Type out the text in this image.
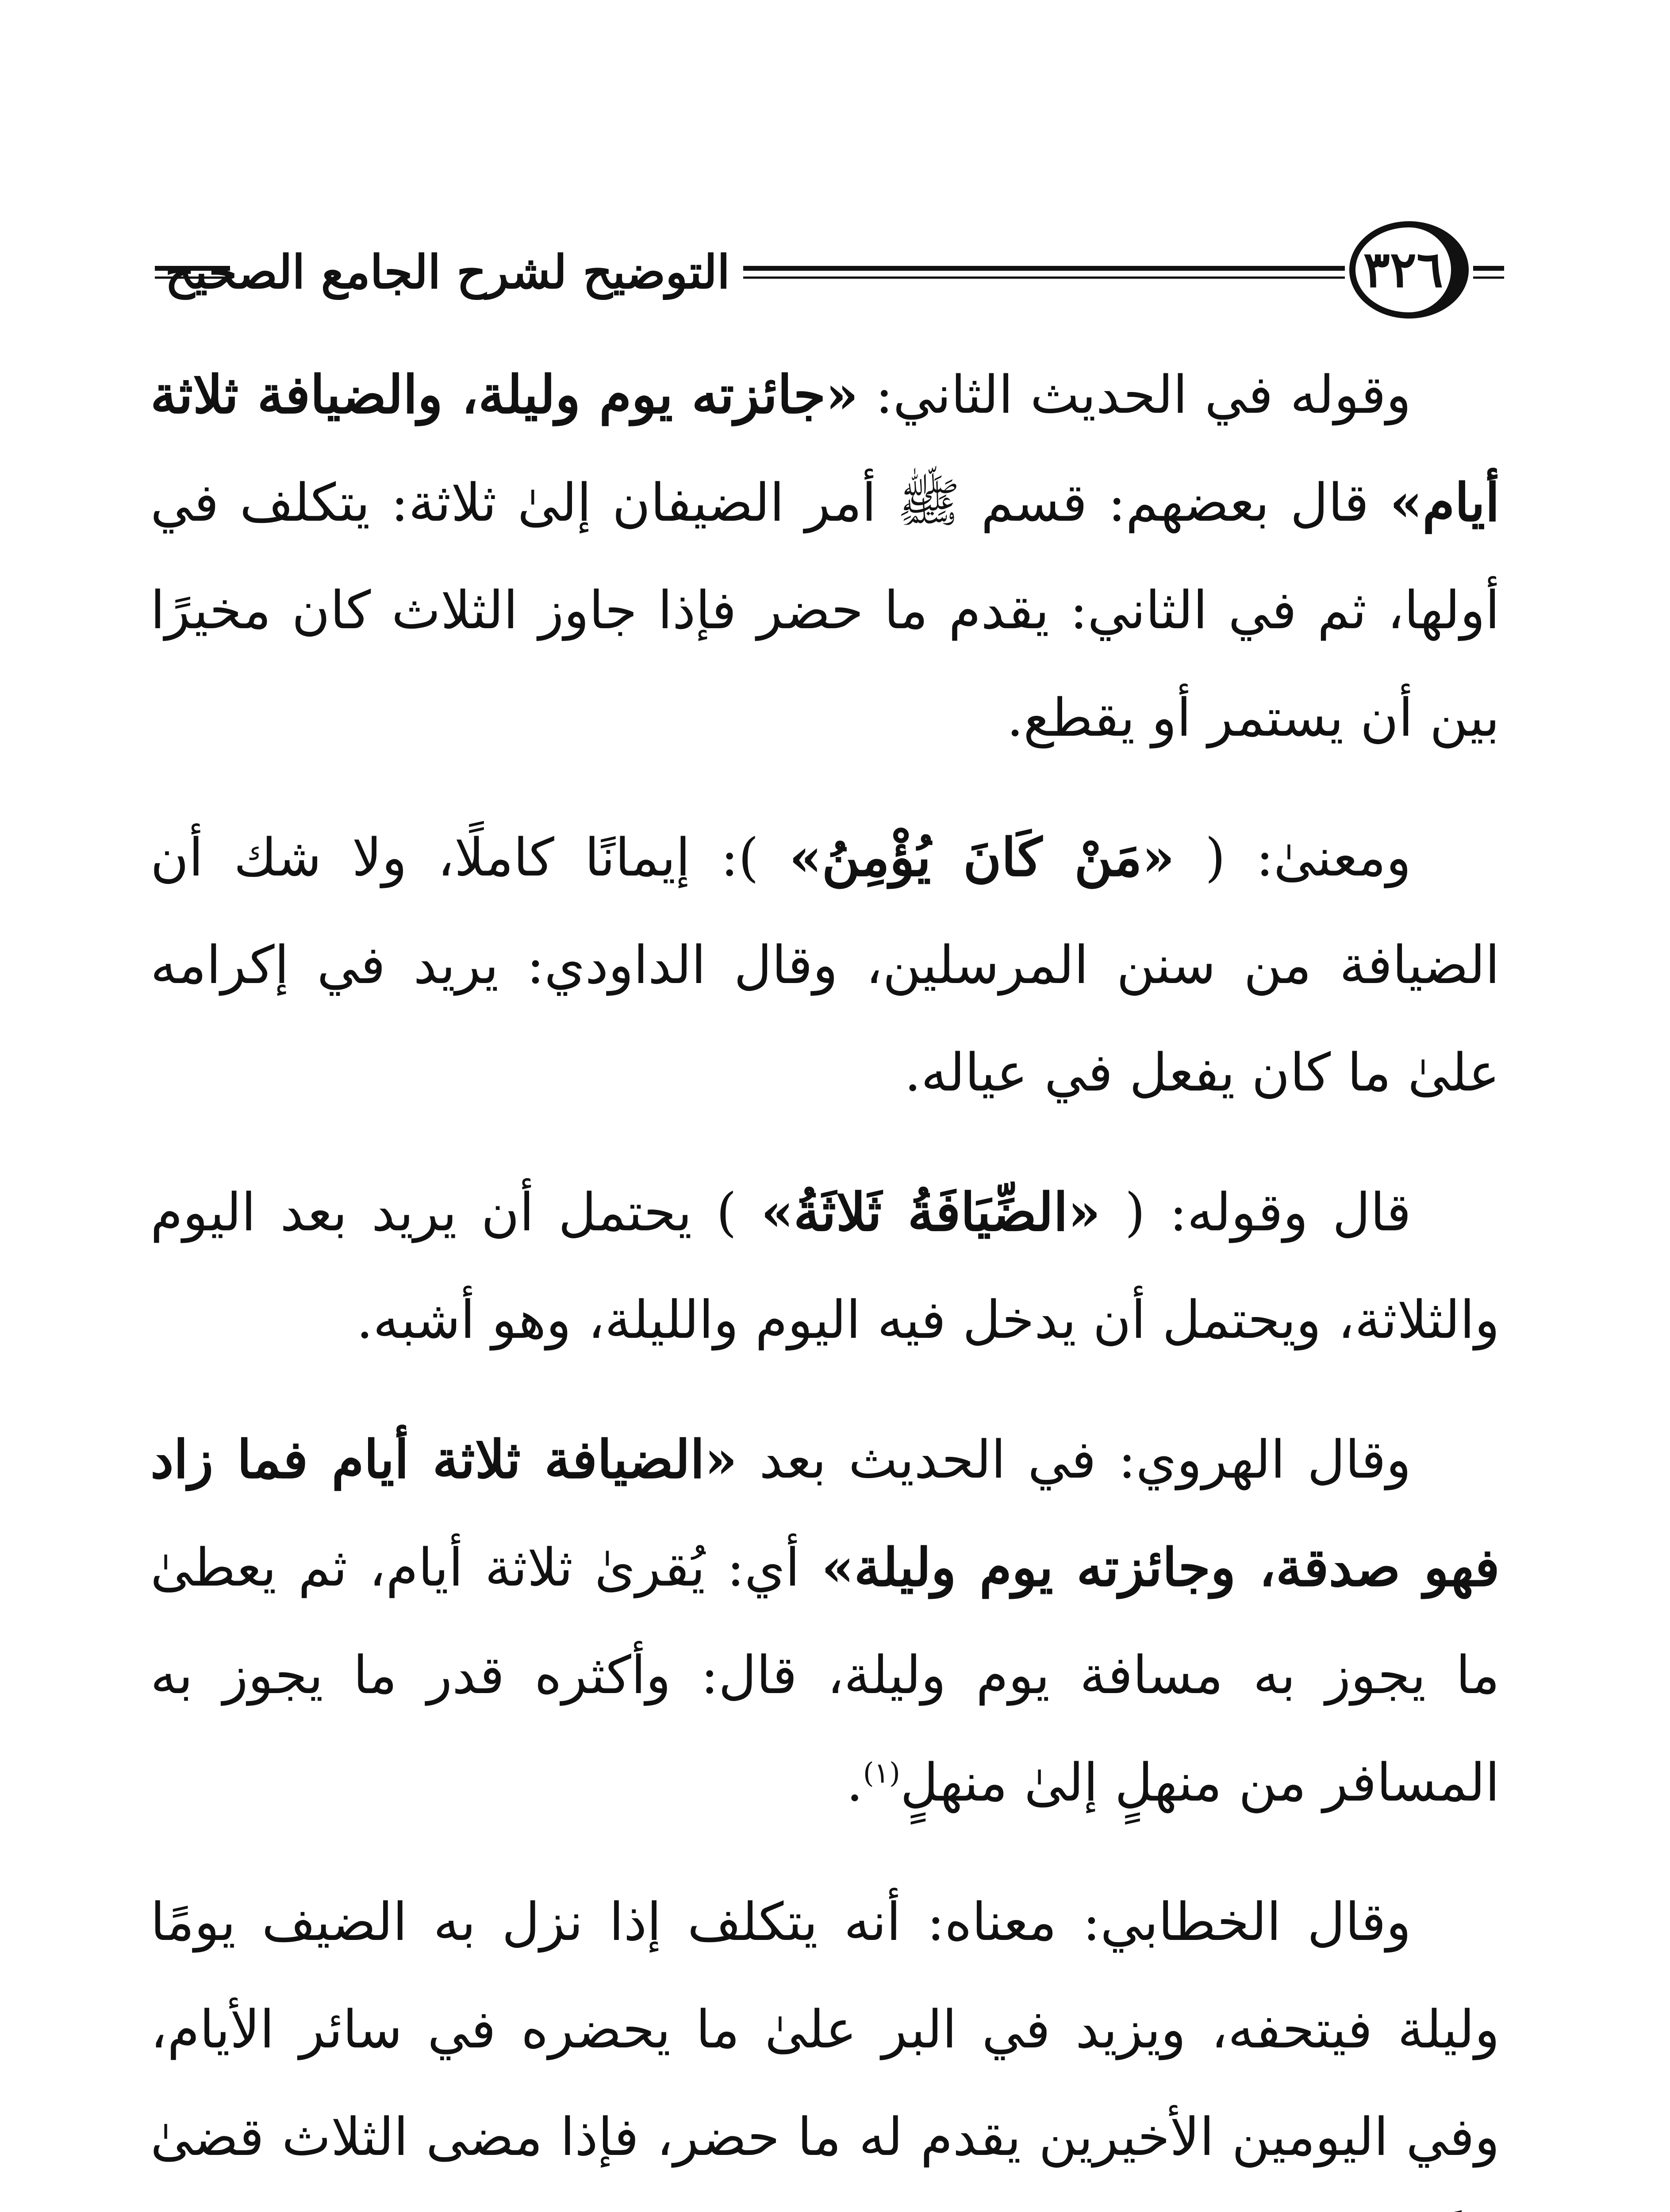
التوضيح لشرح الجامع الصحيح	٣٢٦

وقوله في الحديث الثاني: «جائزته يوم وليلة، والضيافة ثلاثة أيام» قال بعضهم: قسم ﷺ أمر الضيفان إلىٰ ثلاثة: يتكلف في أولها، ثم في الثاني: يقدم ما حضر فإذا جاوز الثلاث كان مخيرًا بين أن يستمر أو يقطع.

ومعنىٰ: ( «مَنْ كَانَ يُؤْمِنُ» ): إيمانًا كاملًا، ولا شك أن الضيافة من سنن المرسلين، وقال الداودي: يريد في إكرامه علىٰ ما كان يفعل في عياله.

قال وقوله: ( «الضِّيَافَةُ ثَلاثَةُ» ) يحتمل أن يريد بعد اليوم والثلاثة، ويحتمل أن يدخل فيه اليوم والليلة، وهو أشبه.

وقال الهروي: في الحديث بعد «الضيافة ثلاثة أيام فما زاد فهو صدقة، وجائزته يوم وليلة» أي: يُقرىٰ ثلاثة أيام، ثم يعطىٰ ما يجوز به مسافة يوم وليلة، قال: وأكثره قدر ما يجوز به المسافر من منهلٍ إلىٰ منهلٍ$^{(١)}$.

وقال الخطابي: معناه: أنه يتكلف إذا نزل به الضيف يومًا وليلة فيتحفه، ويزيد في البر علىٰ ما يحضره في سائر الأيام، وفي اليومين الأخيرين يقدم له ما حضر، فإذا مضى الثلاث قضىٰ
